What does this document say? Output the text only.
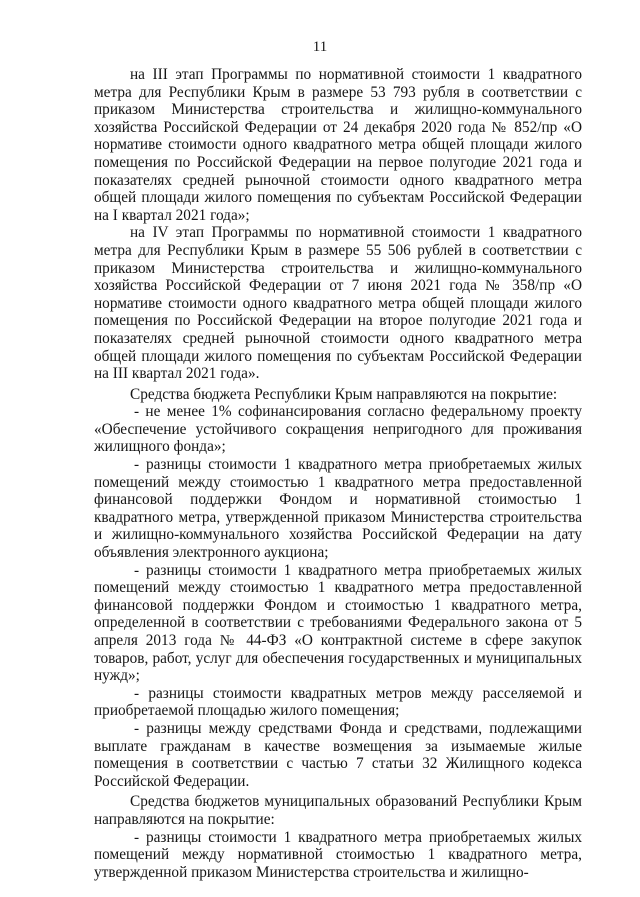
11

на III этап Программы по нормативной стоимости 1 квадратного метра для Республики Крым в размере 53 793 рубля в соответствии с приказом Министерства строительства и жилищно-коммунального хозяйства Российской Федерации от 24 декабря 2020 года № 852/пр «О нормативе стоимости одного квадратного метра общей площади жилого помещения по Российской Федерации на первое полугодие 2021 года и показателях средней рыночной стоимости одного квадратного метра общей площади жилого помещения по субъектам Российской Федерации на I квартал 2021 года»;

на IV этап Программы по нормативной стоимости 1 квадратного метра для Республики Крым в размере 55 506 рублей в соответствии с приказом Министерства строительства и жилищно-коммунального хозяйства Российской Федерации от 7 июня 2021 года № 358/пр «О нормативе стоимости одного квадратного метра общей площади жилого помещения по Российской Федерации на второе полугодие 2021 года и показателях средней рыночной стоимости одного квадратного метра общей площади жилого помещения по субъектам Российской Федерации на III квартал 2021 года».

Средства бюджета Республики Крым направляются на покрытие:

- не менее 1% софинансирования согласно федеральному проекту «Обеспечение устойчивого сокращения непригодного для проживания жилищного фонда»;

- разницы стоимости 1 квадратного метра приобретаемых жилых помещений между стоимостью 1 квадратного метра предоставленной финансовой поддержки Фондом и нормативной стоимостью 1 квадратного метра, утвержденной приказом Министерства строительства и жилищно-коммунального хозяйства Российской Федерации на дату объявления электронного аукциона;

- разницы стоимости 1 квадратного метра приобретаемых жилых помещений между стоимостью 1 квадратного метра предоставленной финансовой поддержки Фондом и стоимостью 1 квадратного метра, определенной в соответствии с требованиями Федерального закона от 5 апреля 2013 года № 44-ФЗ «О контрактной системе в сфере закупок товаров, работ, услуг для обеспечения государственных и муниципальных нужд»;

- разницы стоимости квадратных метров между расселяемой и приобретаемой площадью жилого помещения;

- разницы между средствами Фонда и средствами, подлежащими выплате гражданам в качестве возмещения за изымаемые жилые помещения в соответствии с частью 7 статьи 32 Жилищного кодекса Российской Федерации.

Средства бюджетов муниципальных образований Республики Крым направляются на покрытие:

- разницы стоимости 1 квадратного метра приобретаемых жилых помещений между нормативной стоимостью 1 квадратного метра, утвержденной приказом Министерства строительства и жилищно-
